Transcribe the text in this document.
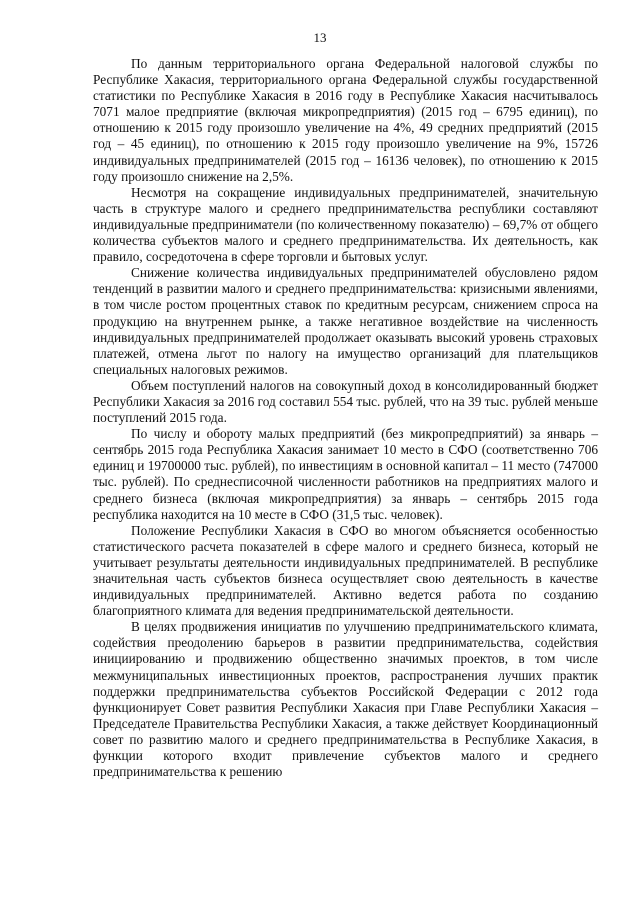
13

По данным территориального органа Федеральной налоговой службы по Республике Хакасия, территориального органа Федеральной службы государственной статистики по Республике Хакасия в 2016 году в Республике Хакасия насчитывалось 7071 малое предприятие (включая микропредприятия) (2015 год – 6795 единиц), по отношению к 2015 году произошло увеличение на 4%, 49 средних предприятий (2015 год – 45 единиц), по отношению к 2015 году произошло увеличение на 9%, 15726 индивидуальных предпринимателей (2015 год – 16136 человек), по отношению к 2015 году произошло снижение на 2,5%.

Несмотря на сокращение индивидуальных предпринимателей, значительную часть в структуре малого и среднего предпринимательства республики составляют индивидуальные предприниматели (по количественному показателю) – 69,7% от общего количества субъектов малого и среднего предпринимательства. Их деятельность, как правило, сосредоточена в сфере торговли и бытовых услуг.

Снижение количества индивидуальных предпринимателей обусловлено рядом тенденций в развитии малого и среднего предпринимательства: кризисными явлениями, в том числе ростом процентных ставок по кредитным ресурсам, снижением спроса на продукцию на внутреннем рынке, а также негативное воздействие на численность индивидуальных предпринимателей продолжает оказывать высокий уровень страховых платежей, отмена льгот по налогу на имущество организаций для плательщиков специальных налоговых режимов.

Объем поступлений налогов на совокупный доход в консолидированный бюджет Республики Хакасия за 2016 год составил 554 тыс. рублей, что на 39 тыс. рублей меньше поступлений 2015 года.

По числу и обороту малых предприятий (без микропредприятий) за январь – сентябрь 2015 года Республика Хакасия занимает 10 место в СФО (соответственно 706 единиц и 19700000 тыс. рублей), по инвестициям в основной капитал – 11 место (747000 тыс. рублей). По среднесписочной численности работников на предприятиях малого и среднего бизнеса (включая микропредприятия) за январь – сентябрь 2015 года республика находится на 10 месте в СФО (31,5 тыс. человек).

Положение Республики Хакасия в СФО во многом объясняется особенностью статистического расчета показателей в сфере малого и среднего бизнеса, который не учитывает результаты деятельности индивидуальных предпринимателей. В республике значительная часть субъектов бизнеса осуществляет свою деятельность в качестве индивидуальных предпринимателей. Активно ведется работа по созданию благоприятного климата для ведения предпринимательской деятельности.

В целях продвижения инициатив по улучшению предпринимательского климата, содействия преодолению барьеров в развитии предпринимательства, содействия инициированию и продвижению общественно значимых проектов, в том числе межмуниципальных инвестиционных проектов, распространения лучших практик поддержки предпринимательства субъектов Российской Федерации с 2012 года функционирует Совет развития Республики Хакасия при Главе Республики Хакасия – Председателе Правительства Республики Хакасия, а также действует Координационный совет по развитию малого и среднего предпринимательства в Республике Хакасия, в функции которого входит привлечение субъектов малого и среднего предпринимательства к решению
